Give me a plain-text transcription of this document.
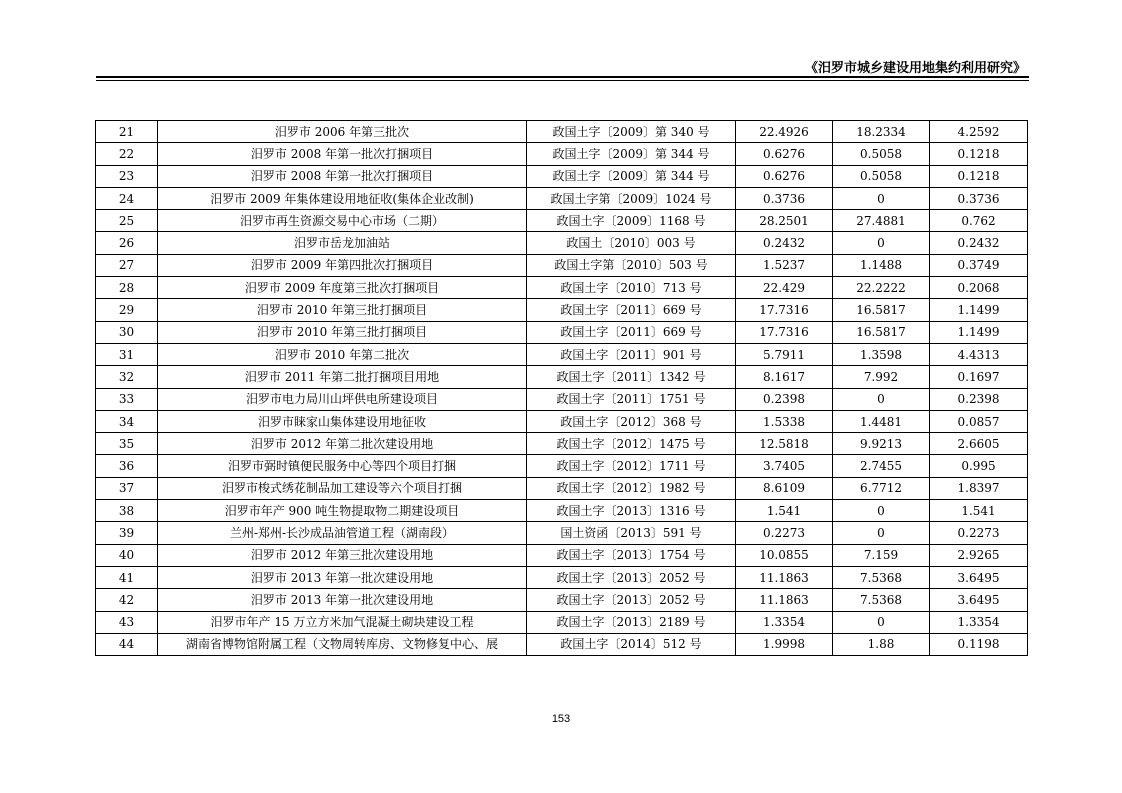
《汨罗市城乡建设用地集约利用研究》
21	汨罗市 2006 年第三批次	政国土字〔2009〕第 340 号	22.4926	18.2334	4.2592
22	汨罗市 2008 年第一批次打捆项目	政国土字〔2009〕第 344 号	0.6276	0.5058	0.1218
23	汨罗市 2008 年第一批次打捆项目	政国土字〔2009〕第 344 号	0.6276	0.5058	0.1218
24	汨罗市 2009 年集体建设用地征收(集体企业改制)	政国土字第〔2009〕1024 号	0.3736	0	0.3736
25	汨罗市再生资源交易中心市场（二期）	政国土字〔2009〕1168 号	28.2501	27.4881	0.762
26	汨罗市岳龙加油站	政国土〔2010〕003 号	0.2432	0	0.2432
27	汨罗市 2009 年第四批次打捆项目	政国土字第〔2010〕503 号	1.5237	1.1488	0.3749
28	汨罗市 2009 年度第三批次打捆项目	政国土字〔2010〕713 号	22.429	22.2222	0.2068
29	汨罗市 2010 年第三批打捆项目	政国土字〔2011〕669 号	17.7316	16.5817	1.1499
30	汨罗市 2010 年第三批打捆项目	政国土字〔2011〕669 号	17.7316	16.5817	1.1499
31	汨罗市 2010 年第二批次	政国土字〔2011〕901 号	5.7911	1.3598	4.4313
32	汨罗市 2011 年第二批打捆项目用地	政国土字〔2011〕1342 号	8.1617	7.992	0.1697
33	汨罗市电力局川山坪供电所建设项目	政国土字〔2011〕1751 号	0.2398	0	0.2398
34	汨罗市睐家山集体建设用地征收	政国土字〔2012〕368 号	1.5338	1.4481	0.0857
35	汨罗市 2012 年第二批次建设用地	政国土字〔2012〕1475 号	12.5818	9.9213	2.6605
36	汨罗市弼时镇便民服务中心等四个项目打捆	政国土字〔2012〕1711 号	3.7405	2.7455	0.995
37	汨罗市梭式绣花制品加工建设等六个项目打捆	政国土字〔2012〕1982 号	8.6109	6.7712	1.8397
38	汨罗市年产 900 吨生物提取物二期建设项目	政国土字〔2013〕1316 号	1.541	0	1.541
39	兰州-郑州-长沙成品油管道工程（湖南段）	国土资函〔2013〕591 号	0.2273	0	0.2273
40	汨罗市 2012 年第三批次建设用地	政国土字〔2013〕1754 号	10.0855	7.159	2.9265
41	汨罗市 2013 年第一批次建设用地	政国土字〔2013〕2052 号	11.1863	7.5368	3.6495
42	汨罗市 2013 年第一批次建设用地	政国土字〔2013〕2052 号	11.1863	7.5368	3.6495
43	汨罗市年产 15 万立方米加气混凝土砌块建设工程	政国土字〔2013〕2189 号	1.3354	0	1.3354
44	湖南省博物馆附属工程（文物周转库房、文物修复中心、展	政国土字〔2014〕512 号	1.9998	1.88	0.1198
153
